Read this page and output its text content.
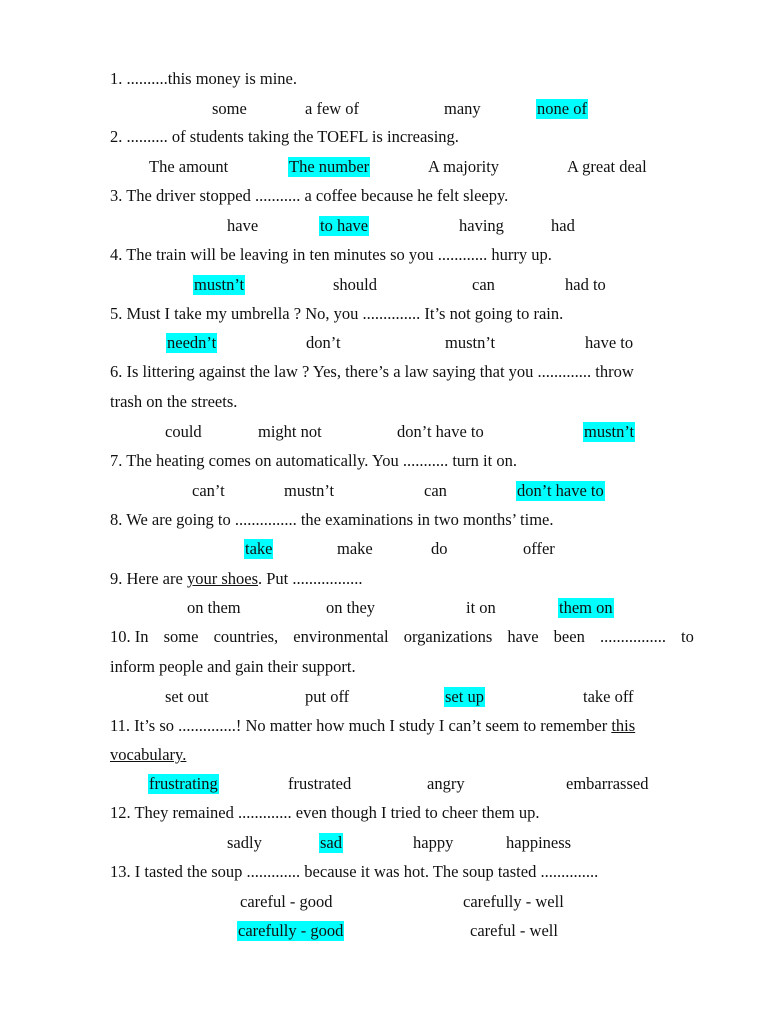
1. ..........this money is mine.
some	a few of	many	none of
2. .......... of students taking the TOEFL is increasing.
The amount	The number	A majority	A great deal
3. The driver stopped ........... a coffee because he felt sleepy.
have	to have	having	had
4. The train will be leaving in ten minutes so you ............ hurry up.
mustn’t	should	can	had to
5. Must I take my umbrella ? No, you .............. It’s not going to rain.
needn’t	don’t	mustn’t	have to
6. Is littering against the law ? Yes, there’s a law saying that you ............. throw
trash on the streets.
could	might not	don’t have to	mustn’t
7. The heating comes on automatically. You ........... turn it on.
can’t	mustn’t	can	don’t have to
8. We are going to ............... the examinations in two months’ time.
take	make	do	offer
9. Here are your shoes. Put .................
on them	on they	it on	them on
10. In some countries, environmental organizations have been ................ to
inform people and gain their support.
set out	put off	set up	take off
11. It’s so ..............! No matter how much I study I can’t seem to remember this
vocabulary.
frustrating	frustrated	angry	embarrassed
12. They remained ............. even though I tried to cheer them up.
sadly	sad	happy	happiness
13. I tasted the soup ............. because it was hot. The soup tasted ..............
careful - good	carefully - well
carefully - good	careful - well
